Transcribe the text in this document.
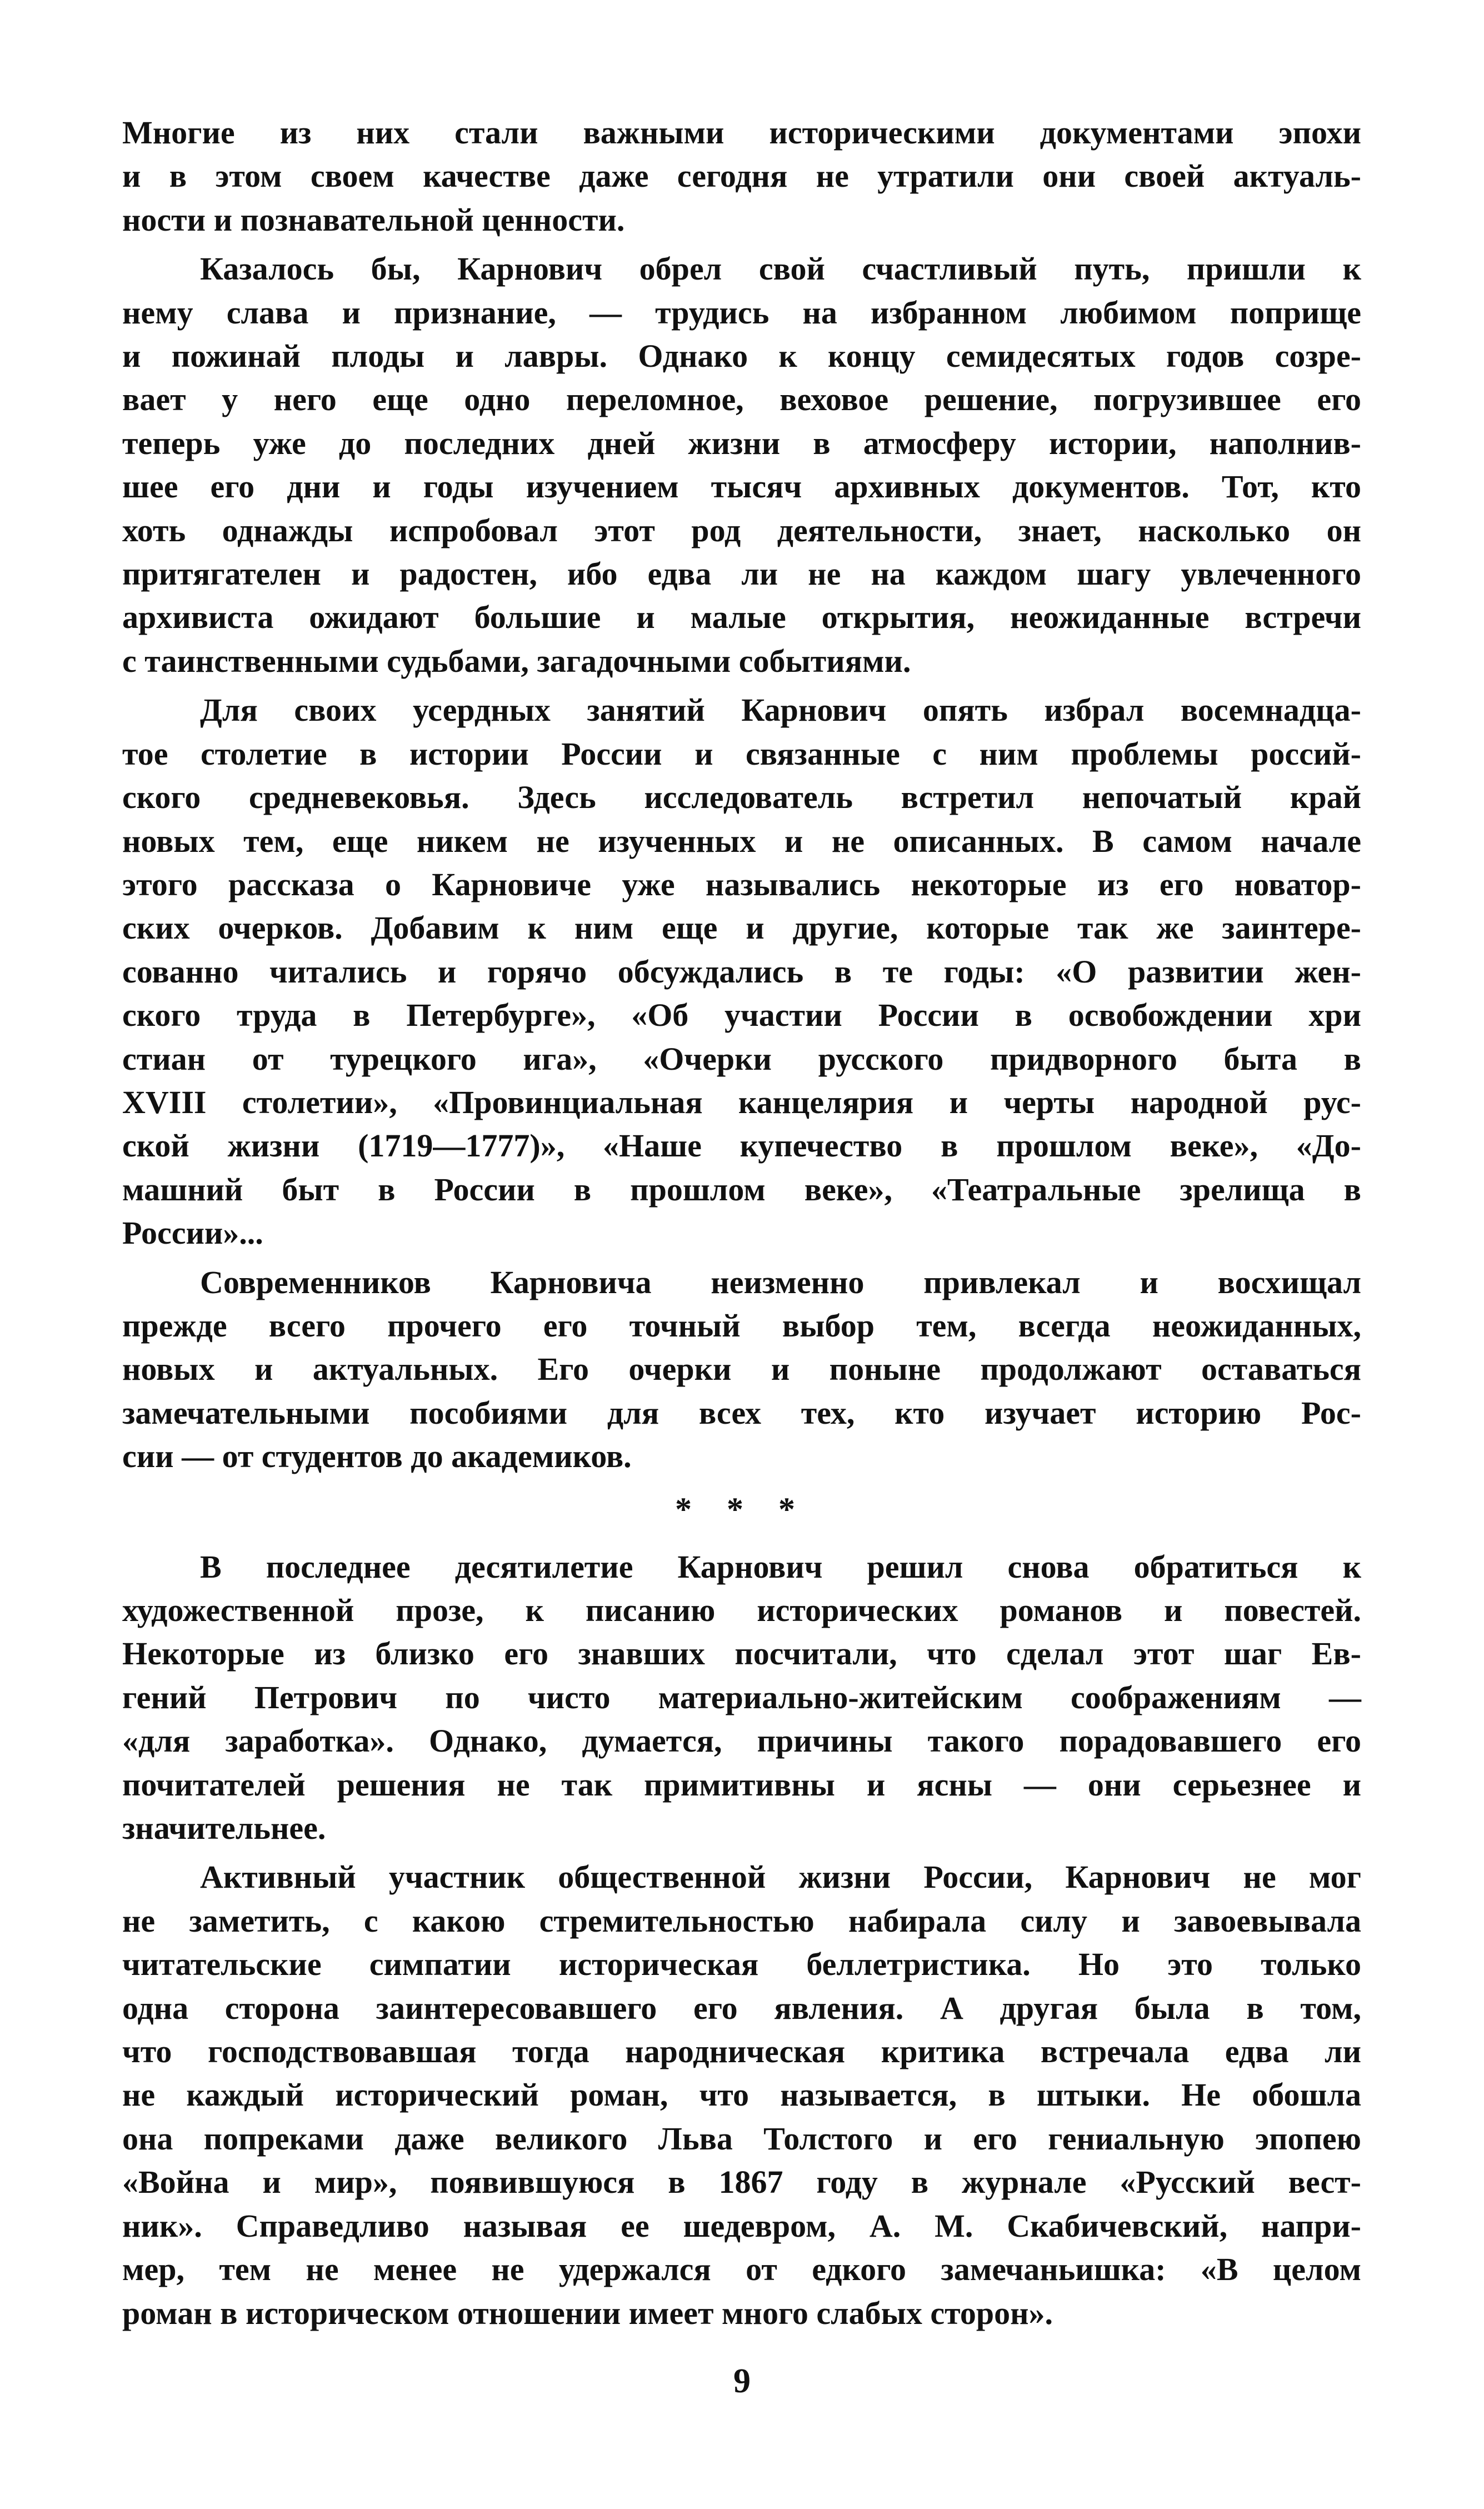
Многие из них стали важными историческими документами эпохи
и в этом своем качестве даже сегодня не утратили они своей актуаль-
ности и познавательной ценности.

Казалось бы, Карнович обрел свой счастливый путь, пришли к
нему слава и признание, — трудись на избранном любимом поприще
и пожинай плоды и лавры. Однако к концу семидесятых годов созре-
вает у него еще одно переломное, веховое решение, погрузившее его
теперь уже до последних дней жизни в атмосферу истории, наполнив-
шее его дни и годы изучением тысяч архивных документов. Тот, кто
хоть однажды испробовал этот род деятельности, знает, насколько он
притягателен и радостен, ибо едва ли не на каждом шагу увлеченного
архивиста ожидают большие и малые открытия, неожиданные встречи
с таинственными судьбами, загадочными событиями.

Для своих усердных занятий Карнович опять избрал восемнадца-
тое столетие в истории России и связанные с ним проблемы россий-
ского средневековья. Здесь исследователь встретил непочатый край
новых тем, еще никем не изученных и не описанных. В самом начале
этого рассказа о Карновиче уже назывались некоторые из его новатор-
ских очерков. Добавим к ним еще и другие, которые так же заинтере-
сованно читались и горячо обсуждались в те годы: «О развитии жен-
ского труда в Петербурге», «Об участии России в освобождении хри
стиан от турецкого ига», «Очерки русского придворного быта в
XVIII столетии», «Провинциальная канцелярия и черты народной рус-
ской жизни (1719—1777)», «Наше купечество в прошлом веке», «До-
машний быт в России в прошлом веке», «Театральные зрелища в
России»...

Современников Карновича неизменно привлекал и восхищал
прежде всего прочего его точный выбор тем, всегда неожиданных,
новых и актуальных. Его очерки и поныне продолжают оставаться
замечательными пособиями для всех тех, кто изучает историю Рос-
сии — от студентов до академиков.

* * *

В последнее десятилетие Карнович решил снова обратиться к
художественной прозе, к писанию исторических романов и повестей.
Некоторые из близко его знавших посчитали, что сделал этот шаг Ев-
гений Петрович по чисто материально-житейским соображениям —
«для заработка». Однако, думается, причины такого порадовавшего его
почитателей решения не так примитивны и ясны — они серьезнее и
значительнее.

Активный участник общественной жизни России, Карнович не мог
не заметить, с какою стремительностью набирала силу и завоевывала
читательские симпатии историческая беллетристика. Но это только
одна сторона заинтересовавшего его явления. А другая была в том,
что господствовавшая тогда народническая критика встречала едва ли
не каждый исторический роман, что называется, в штыки. Не обошла
она попреками даже великого Льва Толстого и его гениальную эпопею
«Война и мир», появившуюся в 1867 году в журнале «Русский вест-
ник». Справедливо называя ее шедевром, А. М. Скабичевский, напри-
мер, тем не менее не удержался от едкого замечаньишка: «В целом
роман в историческом отношении имеет много слабых сторон».

9
